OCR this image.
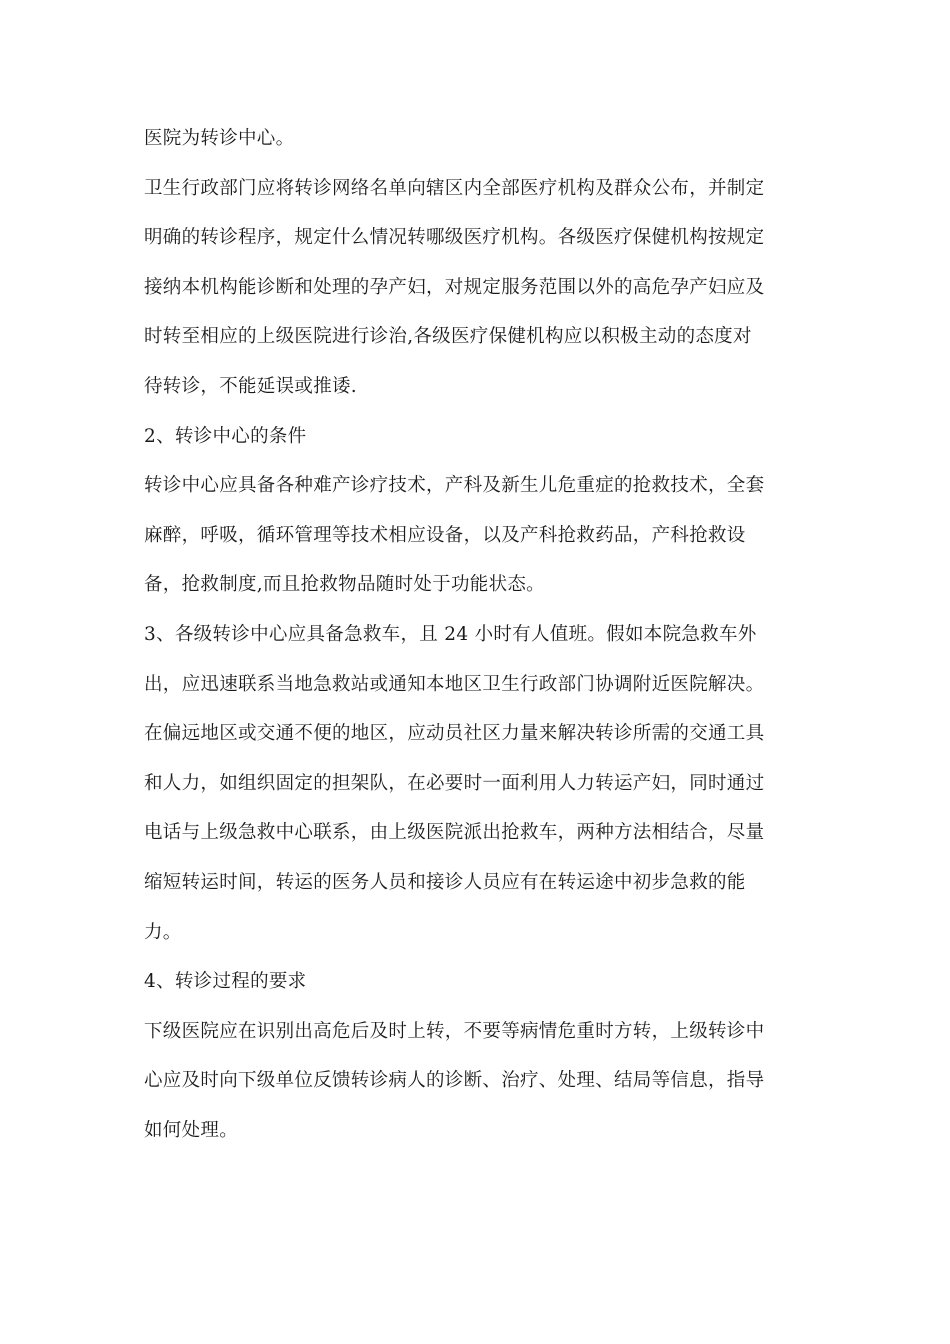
医院为转诊中心。
卫生行政部门应将转诊网络名单向辖区内全部医疗机构及群众公布，并制定
明确的转诊程序，规定什么情况转哪级医疗机构。各级医疗保健机构按规定
接纳本机构能诊断和处理的孕产妇，对规定服务范围以外的高危孕产妇应及
时转至相应的上级医院进行诊治,各级医疗保健机构应以积极主动的态度对
待转诊，不能延误或推诿.
2、转诊中心的条件
转诊中心应具备各种难产诊疗技术，产科及新生儿危重症的抢救技术，全套
麻醉，呼吸，循环管理等技术相应设备，以及产科抢救药品，产科抢救设
备，抢救制度,而且抢救物品随时处于功能状态。
3、各级转诊中心应具备急救车，且 24 小时有人值班。假如本院急救车外
出，应迅速联系当地急救站或通知本地区卫生行政部门协调附近医院解决。
在偏远地区或交通不便的地区，应动员社区力量来解决转诊所需的交通工具
和人力，如组织固定的担架队，在必要时一面利用人力转运产妇，同时通过
电话与上级急救中心联系，由上级医院派出抢救车，两种方法相结合，尽量
缩短转运时间，转运的医务人员和接诊人员应有在转运途中初步急救的能
力。
4、转诊过程的要求
下级医院应在识别出高危后及时上转，不要等病情危重时方转，上级转诊中
心应及时向下级单位反馈转诊病人的诊断、治疗、处理、结局等信息，指导
如何处理。
